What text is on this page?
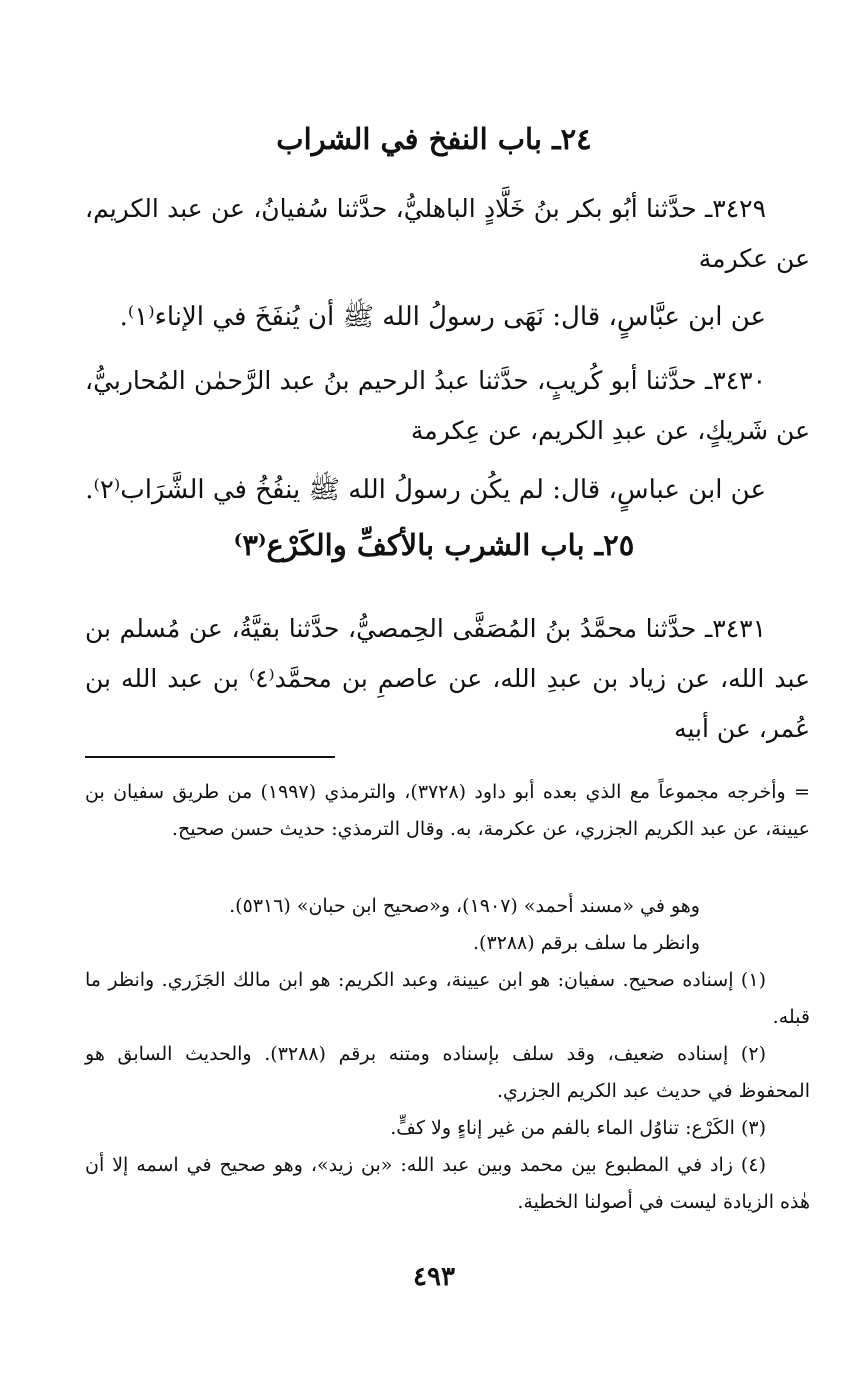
٢٤ـ باب النفخ في الشراب

٣٤٢٩ـ حدَّثنا أبُو بكر بنُ خَلَّادٍ الباهليُّ، حدَّثنا سُفيانُ، عن عبد الكريم، عن عكرمة

عن ابن عبَّاسٍ، قال: نَهَى رسولُ الله ﷺ أن يُنفَخَ في الإناء⁽١⁾.

٣٤٣٠ـ حدَّثنا أبو كُريبٍ، حدَّثنا عبدُ الرحيم بنُ عبد الرَّحمٰن المُحاربيُّ، عن شَريكٍ، عن عبدِ الكريم، عن عِكرمة

عن ابن عباسٍ، قال: لم يكُن رسولُ الله ﷺ ينفُخُ في الشَّرَاب⁽٢⁾.

٢٥ـ باب الشرب بالأكفِّ والكَرْع⁽٣⁾

٣٤٣١ـ حدَّثنا محمَّدُ بنُ المُصَفَّى الحِمصيُّ، حدَّثنا بقيَّةُ، عن مُسلم بن عبد الله، عن زياد بن عبدِ الله، عن عاصمِ بن محمَّد⁽٤⁾ بن عبد الله بن عُمر، عن أبيه

= وأخرجه مجموعاً مع الذي بعده أبو داود (٣٧٢٨)، والترمذي (١٩٩٧) من طريق سفيان بن عيينة، عن عبد الكريم الجزري، عن عكرمة، به. وقال الترمذي: حديث حسن صحيح.

وهو في «مسند أحمد» (١٩٠٧)، و«صحيح ابن حبان» (٥٣١٦).

وانظر ما سلف برقم (٣٢٨٨).

(١) إسناده صحيح. سفيان: هو ابن عيينة، وعبد الكريم: هو ابن مالك الجَزَري. وانظر ما قبله.

(٢) إسناده ضعيف، وقد سلف بإسناده ومتنه برقم (٣٢٨٨). والحديث السابق هو المحفوظ في حديث عبد الكريم الجزري.

(٣) الكَرْع: تناوُل الماء بالفم من غير إناءٍ ولا كفٍّ.

(٤) زاد في المطبوع بين محمد وبين عبد الله: «بن زيد»، وهو صحيح في اسمه إلا أن هٰذه الزيادة ليست في أصولنا الخطية.

٤٩٣
